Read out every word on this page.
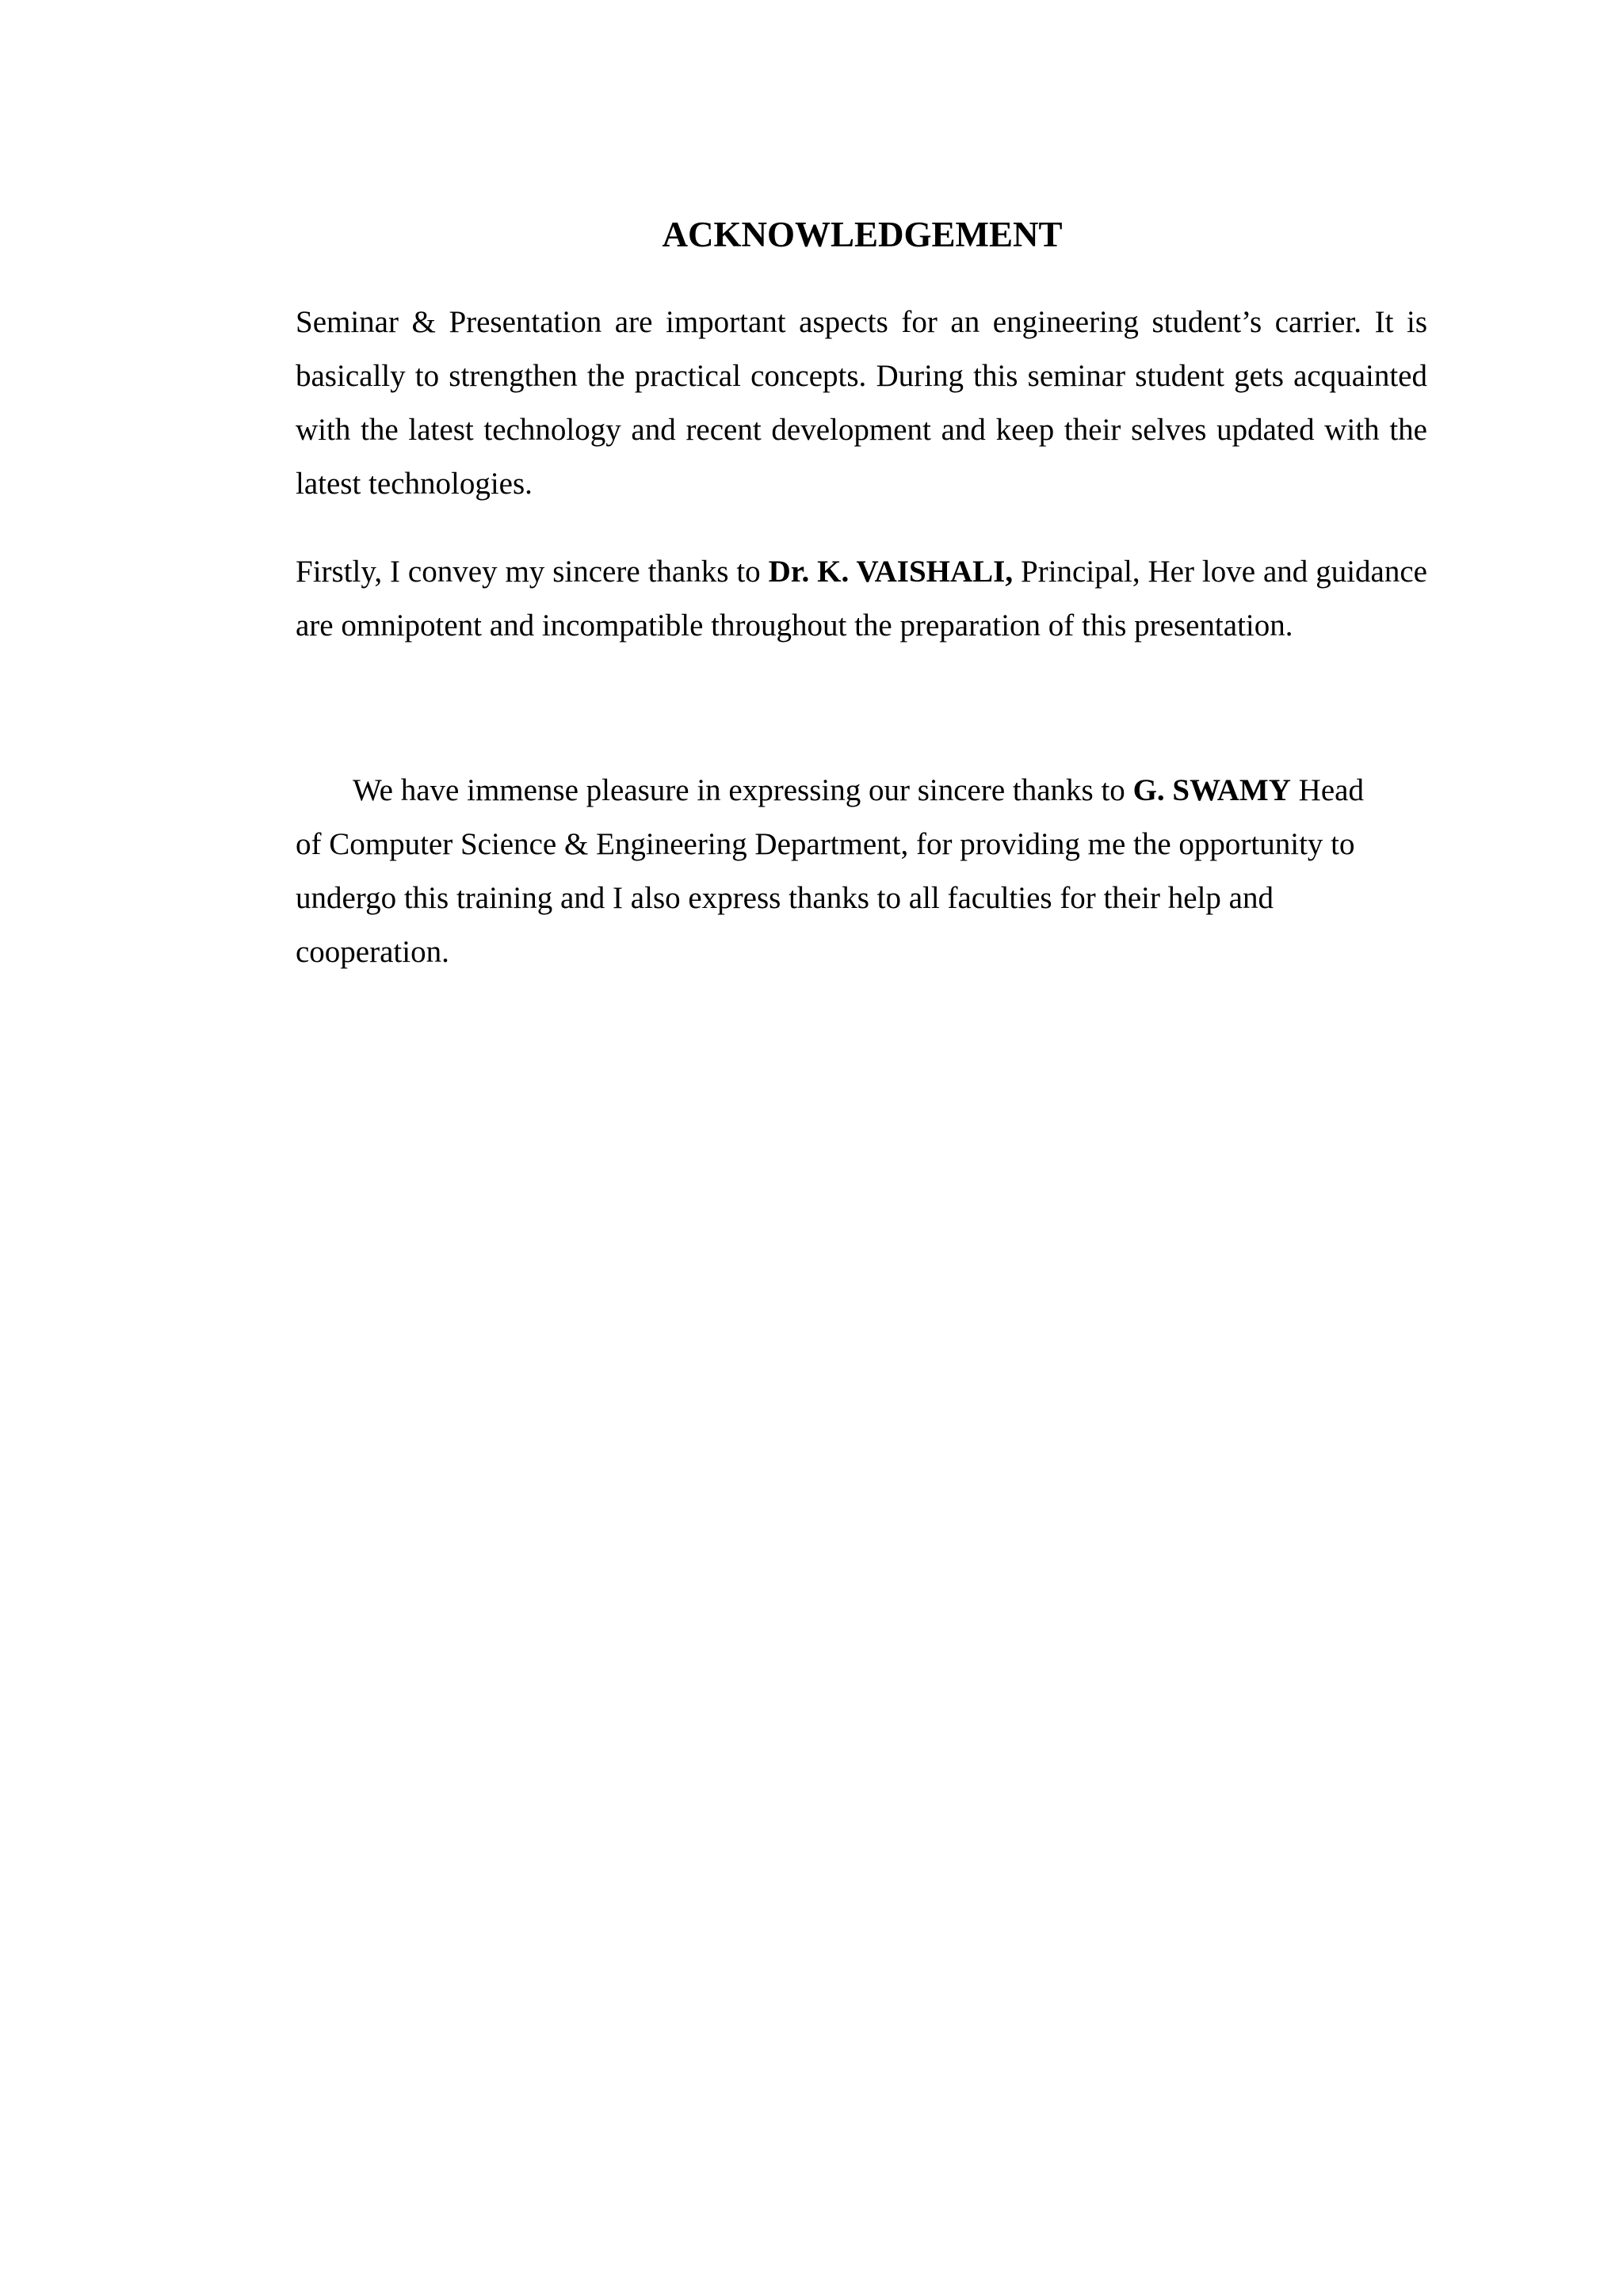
ACKNOWLEDGEMENT

Seminar & Presentation are important aspects for an engineering student’s carrier. It is basically to strengthen the practical concepts. During this seminar student gets acquainted with the latest technology and recent development and keep their selves updated with the latest technologies.

Firstly, I convey my sincere thanks to Dr. K. VAISHALI, Principal, Her love and guidance are omnipotent and incompatible throughout the preparation of this presentation.

We have immense pleasure in expressing our sincere thanks to G. SWAMY Head
of Computer Science & Engineering Department, for providing me the opportunity to
undergo this training and I also express thanks to all faculties for their help and
cooperation.
